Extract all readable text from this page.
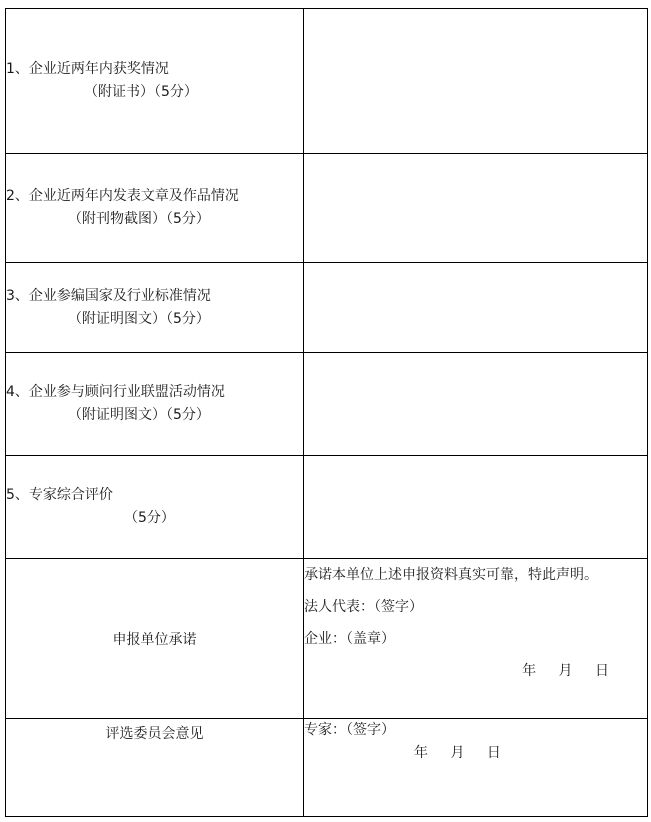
1、企业近两年内获奖情况
（附证书）（5分）	

2、企业近两年内发表文章及作品情况
（附刊物截图）（5分）	

3、企业参编国家及行业标准情况
（附证明图文）（5分）	

4、企业参与顾问行业联盟活动情况
（附证明图文）（5分）	

5、专家综合评价
（5分）	

申报单位承诺	承诺本单位上述申报资料真实可靠，特此声明。
法人代表：（签字）
企业：（盖章）
年 月 日

评选委员会意见	专家：（签字）
年 月 日
